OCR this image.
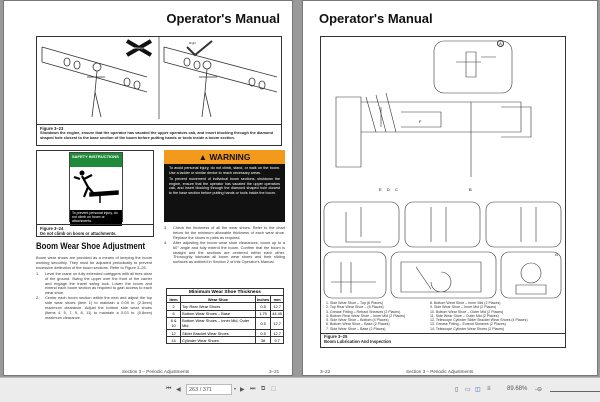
Operator's Manual
Wrong
Right
Figure 3–23
Shutdown the engine, ensure that the operator has vacated the upper operators cab, and insert blocking through the diamond shaped hole closest to the base section of the boom before putting hands or tools inside a boom section.
SAFETY INSTRUCTIONS
To prevent personal injury, do not climb on boom or attachments.
Figure 3–24
Do not climb on boom or attachments.
▲ WARNING

To avoid personal injury, do not climb, stand, or walk on the boom. Use a ladder or similar device to reach necessary areas.

To prevent movement of individual boom sections, shutdown the engine, ensure that the operator has vacated the upper operators cab, and insert blocking through the diamond shaped hole closest to the base section before putting hands or tools inside the boom.

Boom Wear Shoe Adjustment

Boom wear shoes are provided as a means of keeping the boom working smoothly. They must be adjusted periodically to prevent excessive deflection of the boom sections. Refer to Figure 3–25.

1.	Level the crane on fully extended outriggers with all tires clear of the ground. Swing the upper over the front of the carrier and engage the travel swing lock. Lower the boom and extend each boom section as required to gain access to each wear shoe.
2.	Center each boom section within the next and adjust the top side wear shoes (item 1) to maintain a 0.09 in. (2.3mm) maximum clearance. Adjust the bottom side wear shoes (items 4, 5, 7, 9, 8, 11) to maintain a 0.03 in. (0.8mm) maximum clearance.
3.	Check the thickness of all the wear shoes. Refer to the chart below for the minimum allowable thickness of each wear shoe. Replace the shoes in pairs as required.
4.	After adjusting the boom wear shoe clearances, boom up to a 60° angle and fully extend the boom. Confirm that the boom is straight and the sections are centered within each other. Thoroughly lubricate all boom wear shoes and their sliding surfaces as outlined in Section 2 of this Operator's Manual.
Minimum Wear Shoe Thickness			
Item	Wear Shoe	Inches	mm
2	Top Rear Wear Shoes	0.5	12.7
6	Bottom Wear Shoes – Base	1.75	44.45
8 & 10	Bottom Wear Shoes – Inner Mid, Outer Mid	0.5	12.7
12	Slider Bracket Wear Shoes	0.5	12.7
14	Cylinder Wear Shoes	38	9.7
Section 3 – Periodic Adjustments	3–21
Operator's Manual
A
E D C	B
F
G
1. Side Wear Shoe – Top (6 Places)
2. Top Rear Wear Shoe – (6 Places)
3. Grease Fitting – Retract Sheaves (2 Places)
4. Bottom Rear Wear Shoe – Inner Mid (2 Places)
5. Side Wear Shoe – Bottom (4 Places)
6. Bottom Wear Shoe – Base (2 Places)
7. Side Wear Shoe – Base (2 Places)
8. Bottom Wear Shoe – Inner Mid (2 Places)
9. Side Wear Shoe – Inner Mid (2 Places)
10. Bottom Wear Shoe – Outer Mid (2 Places)
11. Side Wear Shoe – Outer Mid (2 Places)
12. Telescope Cylinder Slider Bracket Wear Shoes (4 Places)
13. Grease Fitting – Extend Sheaves (2 Places)
14. Telescope Cylinder Wear Shoes (2 Places)
Figure 3–25
Boom Lubrication And Inspection
3–22	Section 3 – Periodic Adjustments
⏮ ◀
263 / 371	▾ ▶ ⏭ ⧉ ☐	▯ ▭ ◫ ≡	89.68% -⊖
